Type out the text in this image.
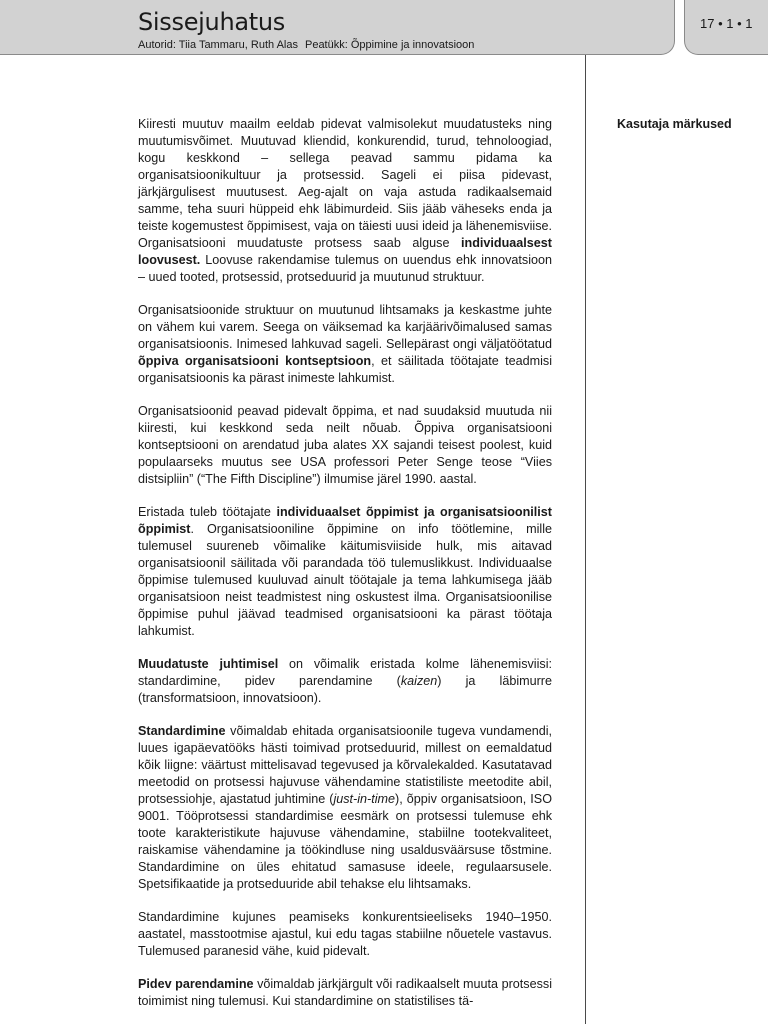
Sissejuhatus
Autorid: Tiia Tammaru, Ruth Alas Peatükk: Õppimine ja innovatsioon
17 • 1 • 1
Kasutaja märkused

Kiiresti muutuv maailm eeldab pidevat valmisolekut muudatusteks ning muutumisvõimet. Muutuvad kliendid, konkurendid, turud, tehnoloogiad, kogu keskkond – sellega peavad sammu pidama ka organisatsioonikultuur ja protsessid. Sageli ei piisa pidevast, järkjärgulisest muutusest. Aeg-ajalt on vaja astuda radikaalsemaid samme, teha suuri hüppeid ehk läbimurdeid. Siis jääb väheseks enda ja teiste kogemustest õppimisest, vaja on täiesti uusi ideid ja lähenemisviise. Organisatsiooni muudatuste protsess saab alguse individuaalsest loovusest. Loovuse rakendamise tulemus on uuendus ehk innovatsioon – uued tooted, protsessid, protseduurid ja muutunud struktuur.

Organisatsioonide struktuur on muutunud lihtsamaks ja keskastme juhte on vähem kui varem. Seega on väiksemad ka karjäärivõimalused samas organisatsioonis. Inimesed lahkuvad sageli. Sellepärast ongi väljatöötatud õppiva organisatsiooni kontseptsioon, et säilitada töötajate teadmisi organisatsioonis ka pärast inimeste lahkumist.

Organisatsioonid peavad pidevalt õppima, et nad suudaksid muutuda nii kiiresti, kui keskkond seda neilt nõuab. Õppiva organisatsiooni kontseptsiooni on arendatud juba alates XX sajandi teisest poolest, kuid populaarseks muutus see USA professori Peter Senge teose “Viies distsipliin” (“The Fifth Discipline”) ilmumise järel 1990. aastal.

Eristada tuleb töötajate individuaalset õppimist ja organisatsioonilist õppimist. Organisatsiooniline õppimine on info töötlemine, mille tulemusel suureneb võimalike käitumisviiside hulk, mis aitavad organisatsioonil säilitada või parandada töö tulemuslikkust. Individuaalse õppimise tulemused kuuluvad ainult töötajale ja tema lahkumisega jääb organisatsioon neist teadmistest ning oskustest ilma. Organisatsioonilise õppimise puhul jäävad teadmised organisatsiooni ka pärast töötaja lahkumist.

Muudatuste juhtimisel on võimalik eristada kolme lähenemisviisi: standardimine, pidev parendamine (kaizen) ja läbimurre (transformatsioon, innovatsioon).

Standardimine võimaldab ehitada organisatsioonile tugeva vundamendi, luues igapäevatööks hästi toimivad protseduurid, millest on eemaldatud kõik liigne: väärtust mittelisavad tegevused ja kõrvalekalded. Kasutatavad meetodid on protsessi hajuvuse vähendamine statistiliste meetodite abil, protsessiohje, ajastatud juhtimine (just-in-time), õppiv organisatsioon, ISO 9001. Tööprotsessi standardimise eesmärk on protsessi tulemuse ehk toote karakteristikute hajuvuse vähendamine, stabiilne tootekvaliteet, raiskamise vähendamine ja töökindluse ning usaldusväärsuse tõstmine. Standardimine on üles ehitatud samasuse ideele, regulaarsusele. Spetsifikaatide ja protseduuride abil tehakse elu lihtsamaks.

Standardimine kujunes peamiseks konkurentsieeliseks 1940–1950. aastatel, masstootmise ajastul, kui edu tagas stabiilne nõuetele vastavus. Tulemused paranesid vähe, kuid pidevalt.

Pidev parendamine võimaldab järkjärgult või radikaalselt muuta protsessi toimimist ning tulemusi. Kui standardimine on statistilises tä-
